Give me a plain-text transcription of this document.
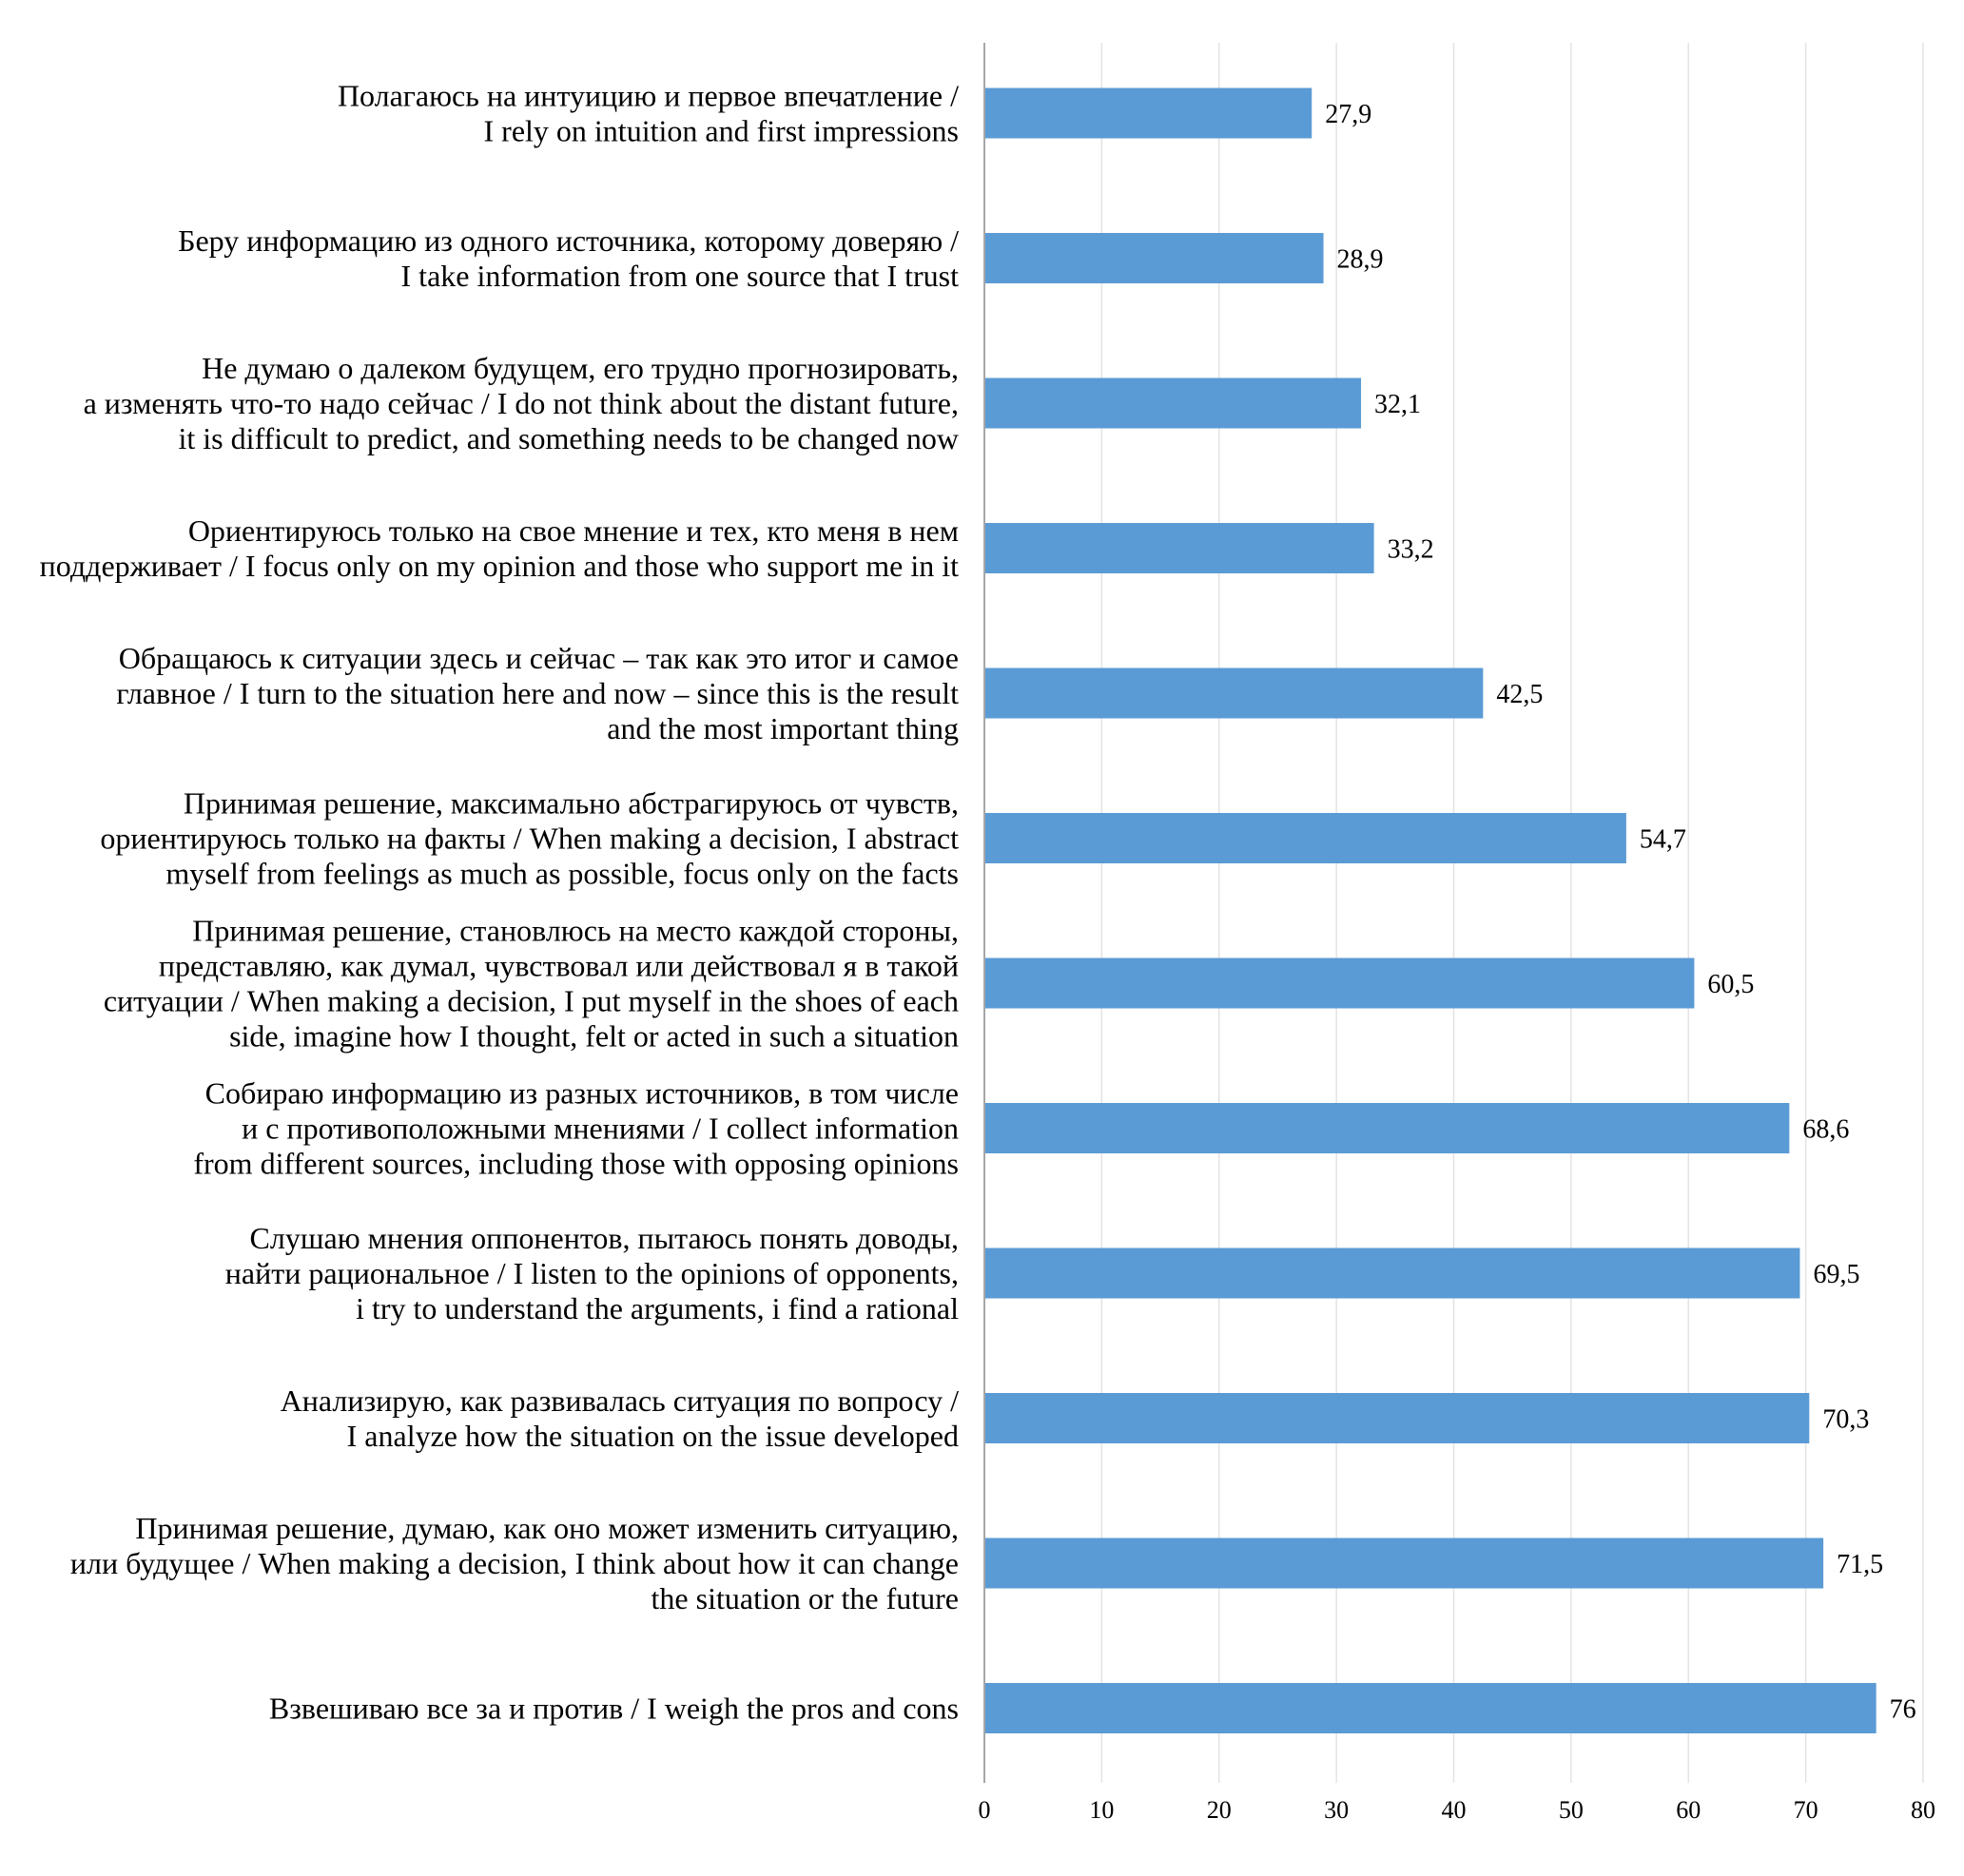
Полагаюсь на интуицию и первое впечатление / I rely on intuition and first impressions
Беру информацию из одного источника, которому доверяю / I take information from one source that I trust
Не думаю о далеком будущем, его трудно прогнозировать, а изменять что-то надо сейчас / I do not think about the distant future, it is difficult to predict, and something needs to be changed now
Ориентируюсь только на свое мнение и тех, кто меня в нем поддерживает / I focus only on my opinion and those who support me in it
Обращаюсь к ситуации здесь и сейчас – так как это итог и самое главное / I turn to the situation here and now – since this is the result and the most important thing
Принимая решение, максимально абстрагируюсь от чувств, ориентируюсь только на факты / When making a decision, I abstract myself from feelings as much as possible, focus only on the facts
Принимая решение, становлюсь на место каждой стороны, представляю, как думал, чувствовал или действовал я в такой ситуации / When making a decision, I put myself in the shoes of each side, imagine how I thought, felt or acted in such a situation
Собираю информацию из разных источников, в том числе и с противоположными мнениями / I collect information from different sources, including those with opposing opinions
Слушаю мнения оппонентов, пытаюсь понять доводы, найти рациональное / I listen to the opinions of opponents, i try to understand the arguments, i find a rational
Анализирую, как развивалась ситуация по вопросу / I analyze how the situation on the issue developed
Принимая решение, думаю, как оно может изменить ситуацию, или будущее / When making a decision, I think about how it can change the situation or the future
Взвешиваю все за и против / I weigh the pros and cons
27,9
28,9
32,1
33,2
42,5
54,7
60,5
68,6
69,5
70,3
71,5
76
0	10	20	30	40	50	60	70	80
